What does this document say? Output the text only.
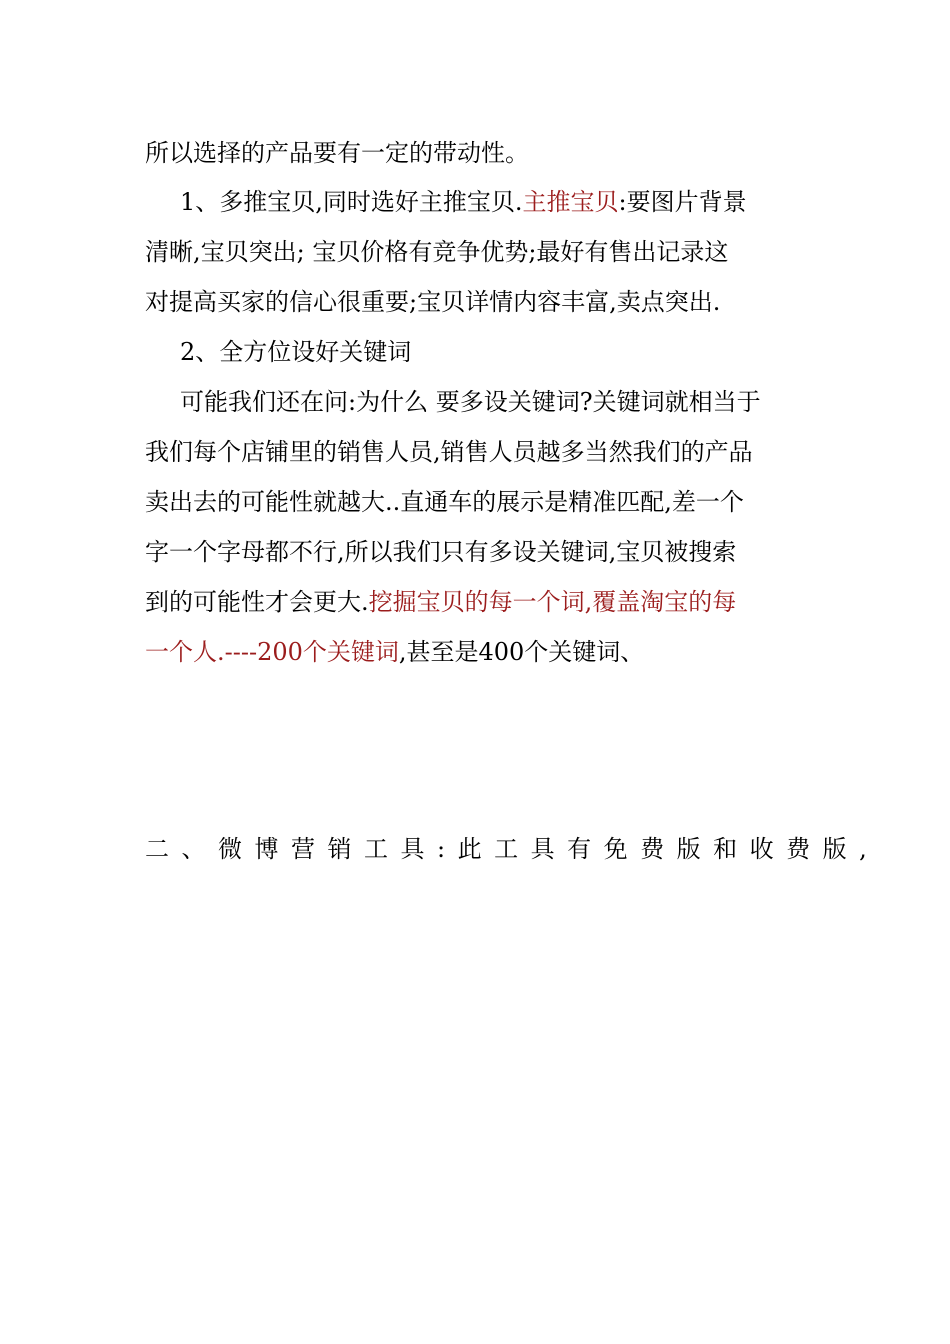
所以选择的产品要有一定的带动性。
1、多推宝贝,同时选好主推宝贝.主推宝贝:要图片背景
清晰,宝贝突出; 宝贝价格有竞争优势;最好有售出记录这
对提高买家的信心很重要;宝贝详情内容丰富,卖点突出.
2、全方位设好关键词
可能我们还在问:为什么 要多设关键词?关键词就相当于
我们每个店铺里的销售人员,销售人员越多当然我们的产品
卖出去的可能性就越大..直通车的展示是精准匹配,差一个
字一个字母都不行,所以我们只有多设关键词,宝贝被搜索
到的可能性才会更大.挖掘宝贝的每一个词,覆盖淘宝的每
一个人.----200个关键词,甚至是400个关键词、
二、微博营销工具:此工具有免费版和收费版,
